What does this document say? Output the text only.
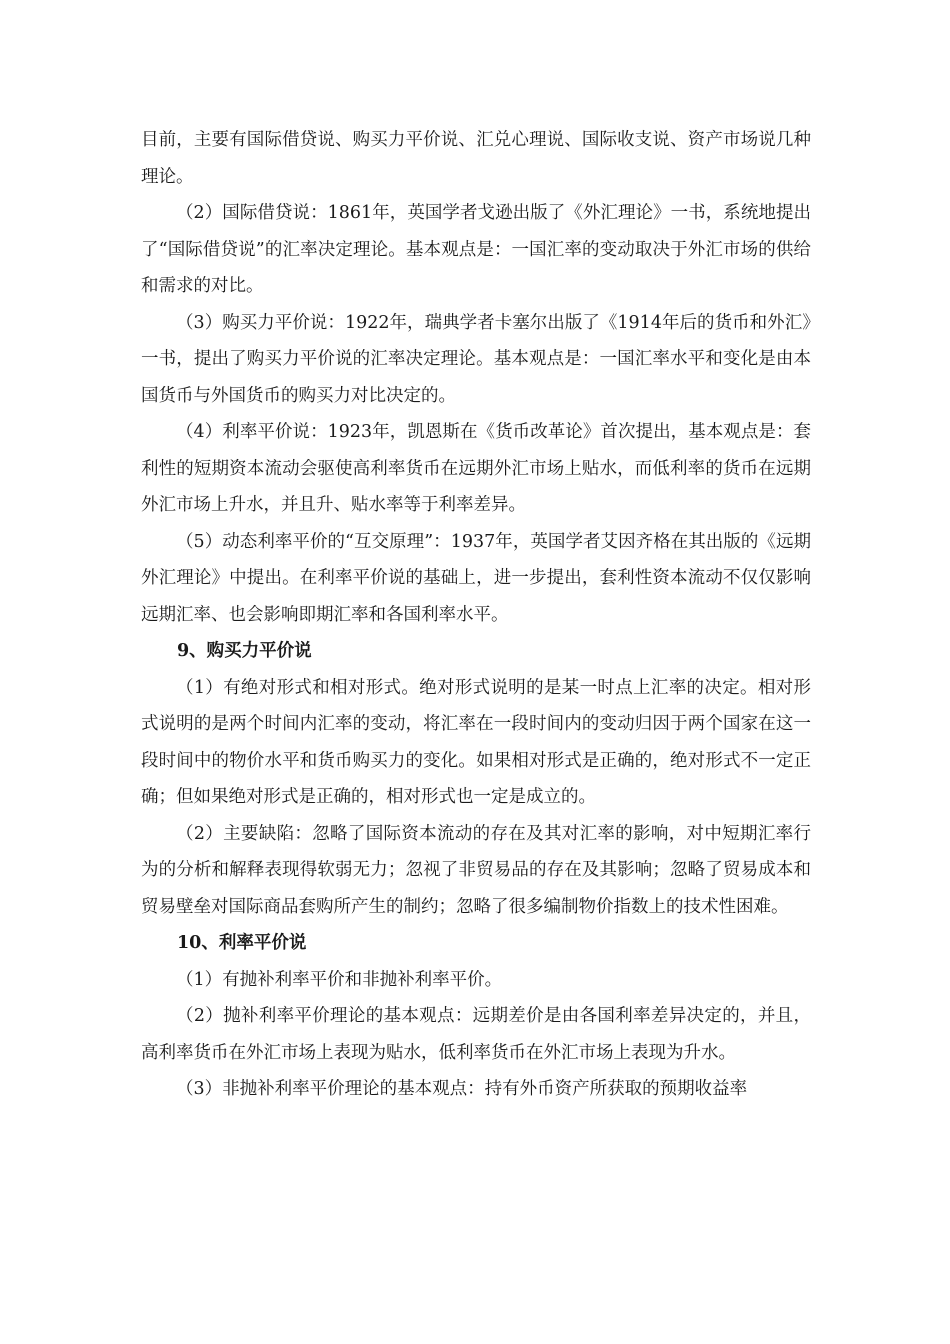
目前，主要有国际借贷说、购买力平价说、汇兑心理说、国际收支说、资产市场说几种理论。

（2）国际借贷说：1861年，英国学者戈逊出版了《外汇理论》一书，系统地提出了“国际借贷说”的汇率决定理论。基本观点是：一国汇率的变动取决于外汇市场的供给和需求的对比。

（3）购买力平价说：1922年，瑞典学者卡塞尔出版了《1914年后的货币和外汇》一书，提出了购买力平价说的汇率决定理论。基本观点是：一国汇率水平和变化是由本国货币与外国货币的购买力对比决定的。

（4）利率平价说：1923年，凯恩斯在《货币改革论》首次提出，基本观点是：套利性的短期资本流动会驱使高利率货币在远期外汇市场上贴水，而低利率的货币在远期外汇市场上升水，并且升、贴水率等于利率差异。

（5）动态利率平价的“互交原理”：1937年，英国学者艾因齐格在其出版的《远期外汇理论》中提出。在利率平价说的基础上，进一步提出，套利性资本流动不仅仅影响远期汇率、也会影响即期汇率和各国利率水平。

9、购买力平价说

（1）有绝对形式和相对形式。绝对形式说明的是某一时点上汇率的决定。相对形式说明的是两个时间内汇率的变动，将汇率在一段时间内的变动归因于两个国家在这一段时间中的物价水平和货币购买力的变化。如果相对形式是正确的，绝对形式不一定正确；但如果绝对形式是正确的，相对形式也一定是成立的。

（2）主要缺陷：忽略了国际资本流动的存在及其对汇率的影响，对中短期汇率行为的分析和解释表现得软弱无力；忽视了非贸易品的存在及其影响；忽略了贸易成本和贸易壁垒对国际商品套购所产生的制约；忽略了很多编制物价指数上的技术性困难。

10、利率平价说

（1）有抛补利率平价和非抛补利率平价。

（2）抛补利率平价理论的基本观点：远期差价是由各国利率差异决定的，并且，高利率货币在外汇市场上表现为贴水，低利率货币在外汇市场上表现为升水。

（3）非抛补利率平价理论的基本观点：持有外币资产所获取的预期收益率
